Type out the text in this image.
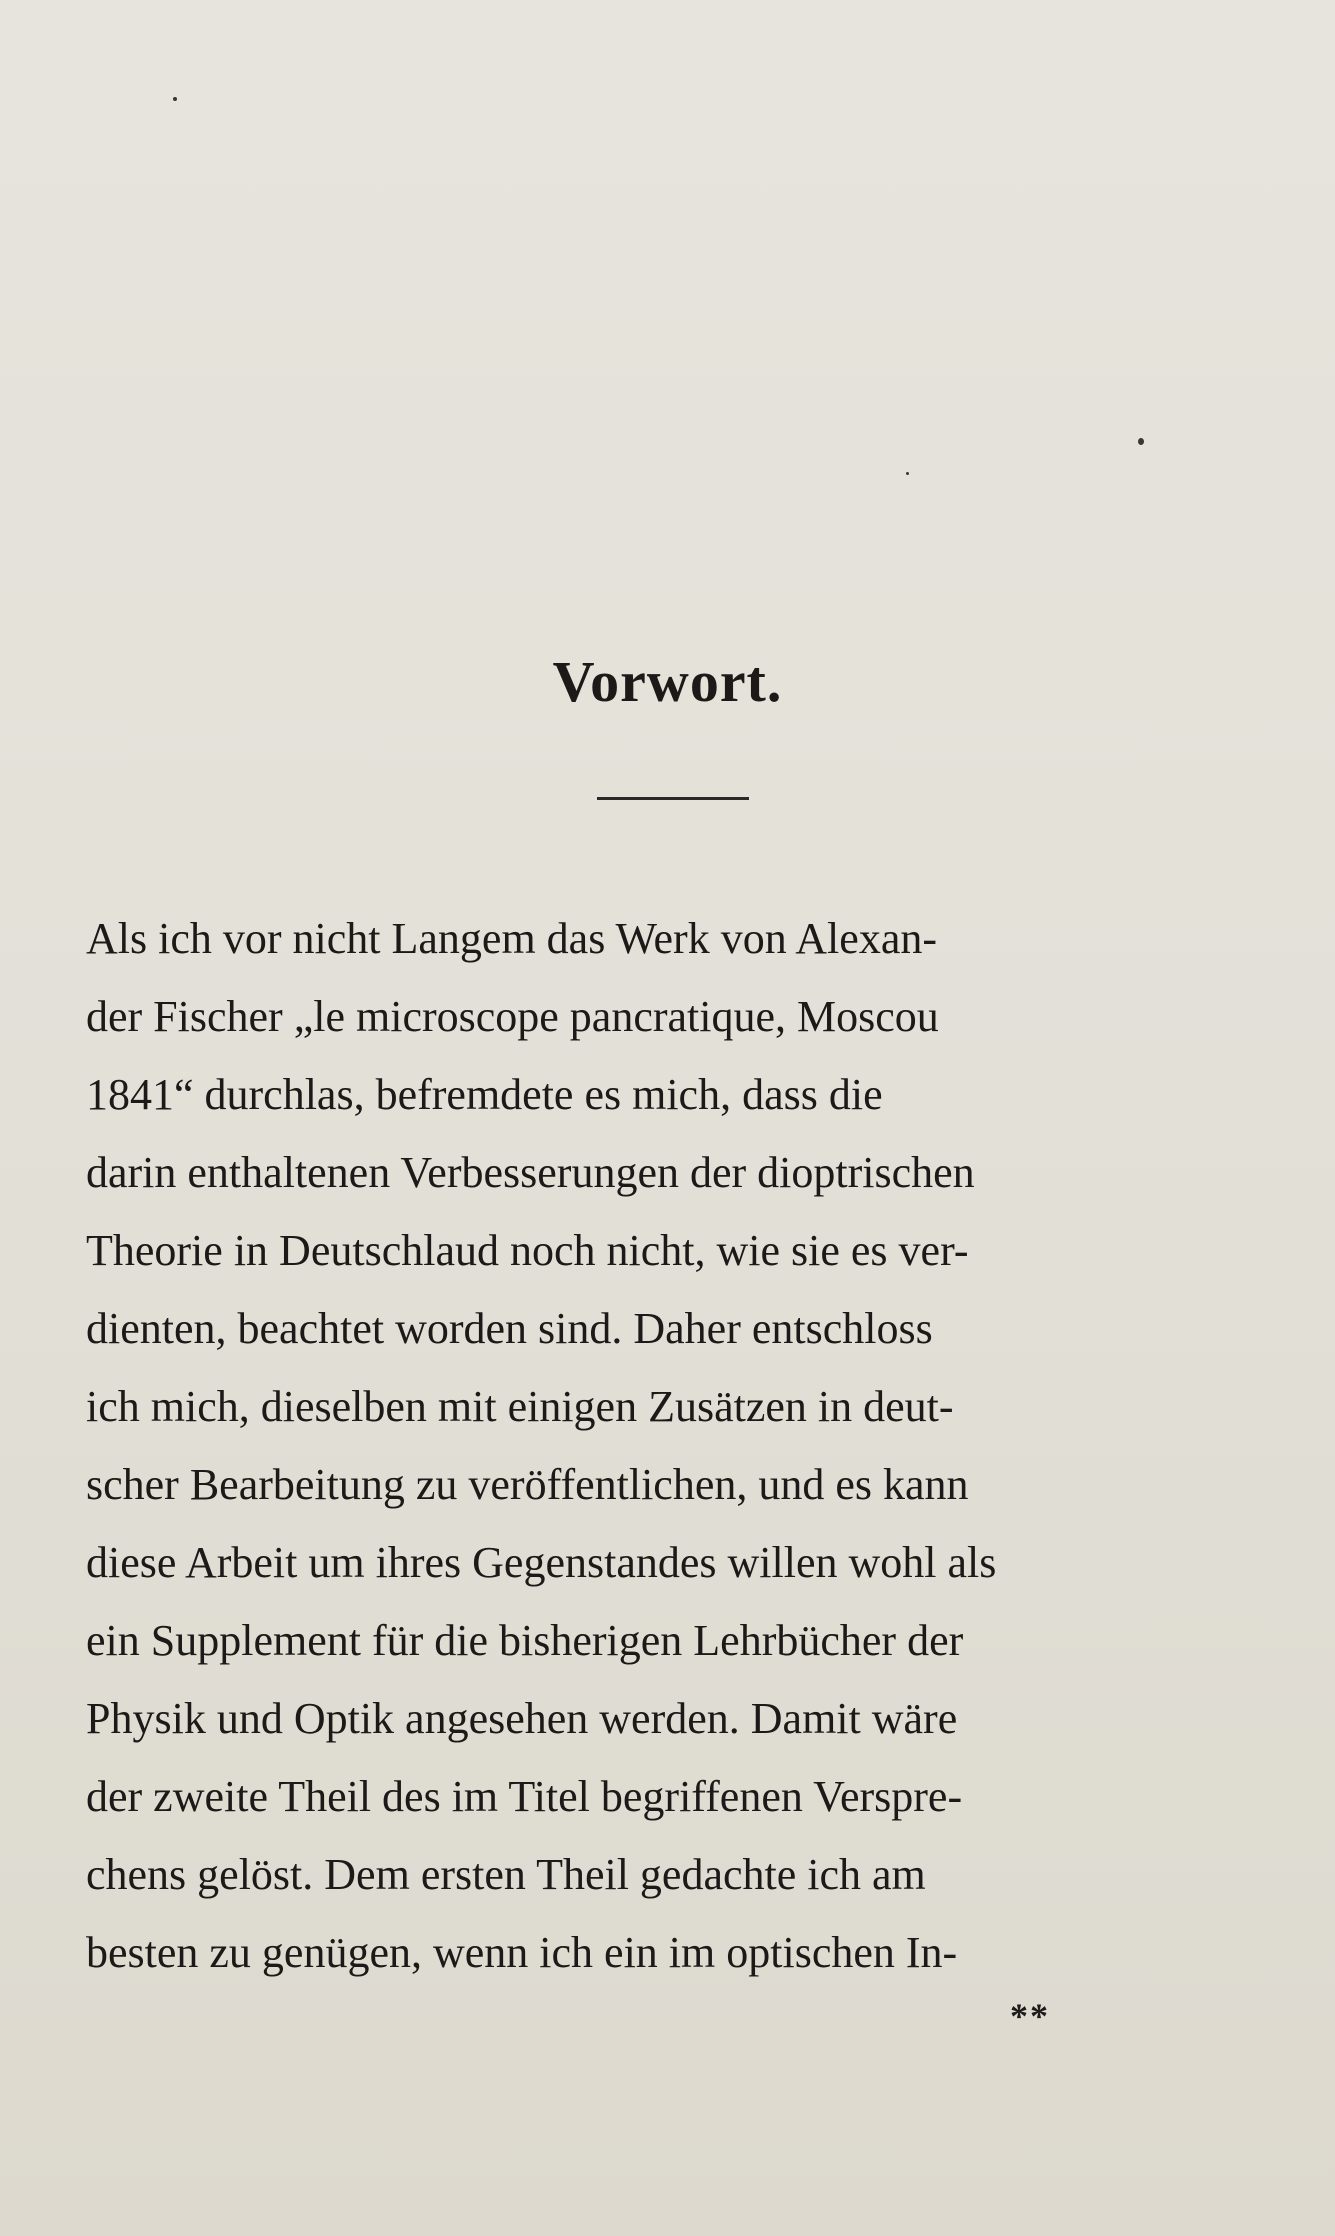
Vorwort.
Als ich vor nicht Langem das Werk von Alexan-
der Fischer „le microscope pancratique, Moscou
1841“ durchlas, befremdete es mich, dass die
darin enthaltenen Verbesserungen der dioptrischen
Theorie in Deutschlaud noch nicht, wie sie es ver-
dienten, beachtet worden sind. Daher entschloss
ich mich, dieselben mit einigen Zusätzen in deut-
scher Bearbeitung zu veröffentlichen, und es kann
diese Arbeit um ihres Gegenstandes willen wohl als
ein Supplement für die bisherigen Lehrbücher der
Physik und Optik angesehen werden. Damit wäre
der zweite Theil des im Titel begriffenen Verspre-
chens gelöst. Dem ersten Theil gedachte ich am
besten zu genügen, wenn ich ein im optischen In-
**
